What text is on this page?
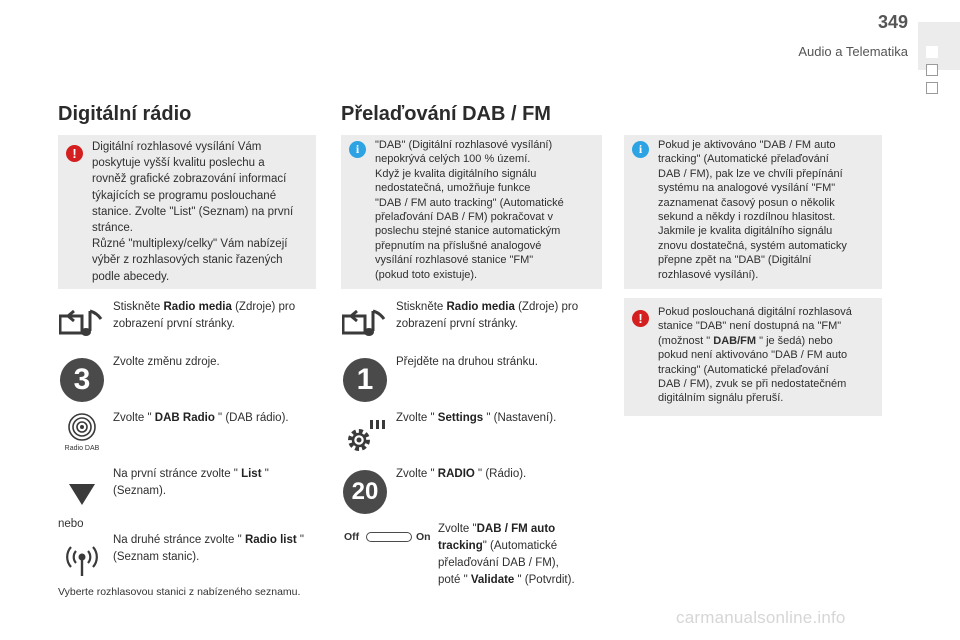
349
Audio a Telematika
Digitální rádio
!	Digitální rozhlasové vysílání Vám
poskytuje vyšší kvalitu poslechu a
rovněž grafické zobrazování informací
týkajících se programu poslouchané
stanice. Zvolte "List" (Seznam) na první
stránce.
Různé "multiplexy/celky" Vám nabízejí
výběr z rozhlasových stanic řazených
podle abecedy.

Stiskněte Radio media (Zdroje) pro
zobrazení první stránky.

3

Zvolte změnu zdroje.

Radio DAB

Zvolte " DAB Radio " (DAB rádio).

Na první stránce zvolte " List "
(Seznam).

nebo

Na druhé stránce zvolte " Radio list "
(Seznam stanic).

Vyberte rozhlasovou stanici z nabízeného seznamu.

Přelaďování DAB / FM
i	"DAB" (Digitální rozhlasové vysílání)
nepokrývá celých 100 % území.
Když je kvalita digitálního signálu
nedostatečná, umožňuje funkce
"DAB / FM auto tracking" (Automatické
přelaďování DAB / FM) pokračovat v
poslechu stejné stanice automatickým
přepnutím na příslušné analogové
vysílání rozhlasové stanice "FM"
(pokud toto existuje).

i	Pokud je aktivováno "DAB / FM auto
tracking" (Automatické přelaďování
DAB / FM), pak lze ve chvíli přepínání
systému na analogové vysílání "FM"
zaznamenat časový posun o několik
sekund a někdy i rozdílnou hlasitost.
Jakmile je kvalita digitálního signálu
znovu dostatečná, systém automaticky
přepne zpět na "DAB" (Digitální
rozhlasové vysílání).

!	Pokud poslouchaná digitální rozhlasová
stanice "DAB" není dostupná na "FM"
(možnost " DAB/FM " je šedá) nebo
pokud není aktivováno "DAB / FM auto
tracking" (Automatické přelaďování
DAB / FM), zvuk se při nedostatečném
digitálním signálu přeruší.

Stiskněte Radio media (Zdroje) pro
zobrazení první stránky.

1

Přejděte na druhou stránku.

Zvolte " Settings " (Nastavení).

20

Zvolte " RADIO " (Rádio).

Off	On

Zvolte "DAB / FM auto
tracking" (Automatické
přelaďování DAB / FM),
poté " Validate " (Potvrdit).

carmanualsonline.info
